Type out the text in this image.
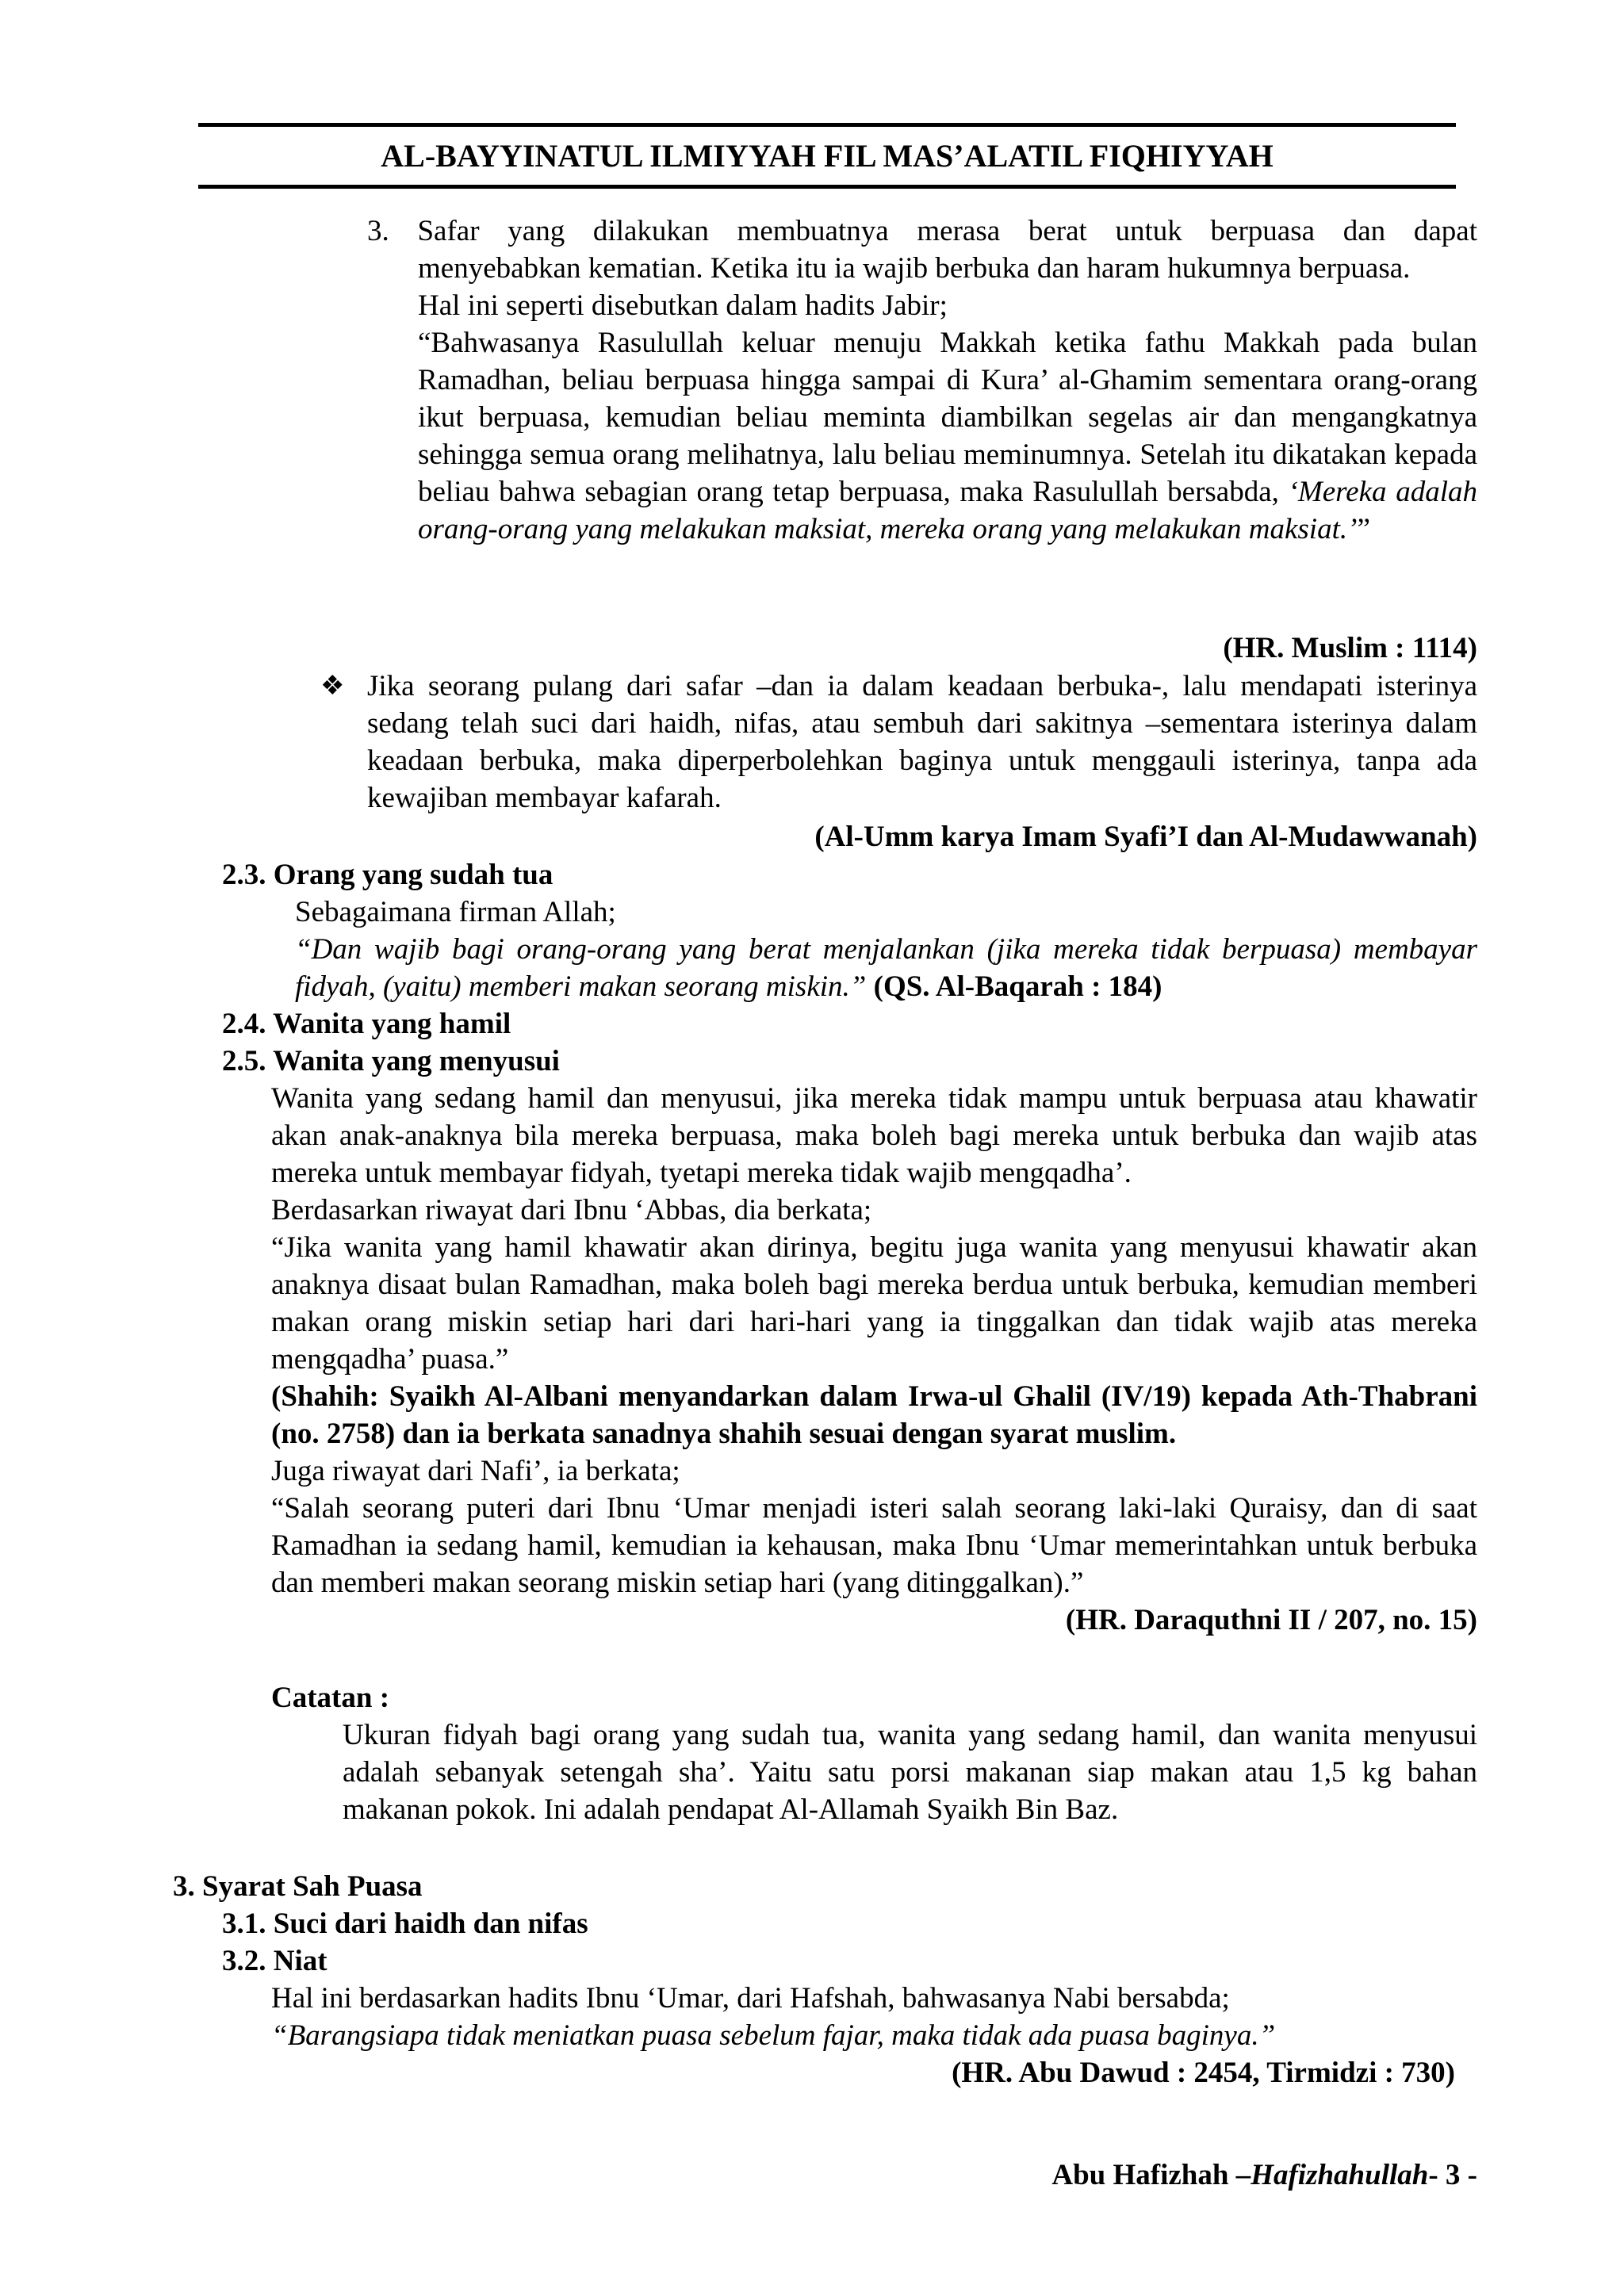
AL-BAYYINATUL ILMIYYAH FIL MAS’ALATIL FIQHIYYAH

3. Safar yang dilakukan membuatnya merasa berat untuk berpuasa dan dapat

menyebabkan kematian. Ketika itu ia wajib berbuka dan haram hukumnya berpuasa.

Hal ini seperti disebutkan dalam hadits Jabir;

“Bahwasanya Rasulullah keluar menuju Makkah ketika fathu Makkah pada bulan Ramadhan, beliau berpuasa hingga sampai di Kura’ al-Ghamim sementara orang-orang ikut berpuasa, kemudian beliau meminta diambilkan segelas air dan mengangkatnya sehingga semua orang melihatnya, lalu beliau meminumnya. Setelah itu dikatakan kepada beliau bahwa sebagian orang tetap berpuasa, maka Rasulullah bersabda, ‘Mereka adalah orang-orang yang melakukan maksiat, mereka orang yang melakukan maksiat.’”

(HR. Muslim : 1114)
❖ Jika seorang pulang dari safar –dan ia dalam keadaan berbuka-, lalu mendapati isterinya sedang telah suci dari haidh, nifas, atau sembuh dari sakitnya –sementara isterinya dalam keadaan berbuka, maka diperperbolehkan baginya untuk menggauli isterinya, tanpa ada kewajiban membayar kafarah.
(Al-Umm karya Imam Syafi’I dan Al-Mudawwanah)
2.3. Orang yang sudah tua
Sebagaimana firman Allah;
“Dan wajib bagi orang-orang yang berat menjalankan (jika mereka tidak berpuasa) membayar fidyah, (yaitu) memberi makan seorang miskin.” (QS. Al-Baqarah : 184)
2.4. Wanita yang hamil
2.5. Wanita yang menyusui

Wanita yang sedang hamil dan menyusui, jika mereka tidak mampu untuk berpuasa atau khawatir akan anak-anaknya bila mereka berpuasa, maka boleh bagi mereka untuk berbuka dan wajib atas mereka untuk membayar fidyah, tyetapi mereka tidak wajib mengqadha’.

Berdasarkan riwayat dari Ibnu ‘Abbas, dia berkata;

“Jika wanita yang hamil khawatir akan dirinya, begitu juga wanita yang menyusui khawatir akan anaknya disaat bulan Ramadhan, maka boleh bagi mereka berdua untuk berbuka, kemudian memberi makan orang miskin setiap hari dari hari-hari yang ia tinggalkan dan tidak wajib atas mereka mengqadha’ puasa.”

(Shahih: Syaikh Al-Albani menyandarkan dalam Irwa-ul Ghalil (IV/19) kepada Ath-Thabrani (no. 2758) dan ia berkata sanadnya shahih sesuai dengan syarat muslim.

Juga riwayat dari Nafi’, ia berkata;

“Salah seorang puteri dari Ibnu ‘Umar menjadi isteri salah seorang laki-laki Quraisy, dan di saat Ramadhan ia sedang hamil, kemudian ia kehausan, maka Ibnu ‘Umar memerintahkan untuk berbuka dan memberi makan seorang miskin setiap hari (yang ditinggalkan).”

(HR. Daraquthni II / 207, no. 15)
Catatan :
Ukuran fidyah bagi orang yang sudah tua, wanita yang sedang hamil, dan wanita menyusui adalah sebanyak setengah sha’. Yaitu satu porsi makanan siap makan atau 1,5 kg bahan makanan pokok. Ini adalah pendapat Al-Allamah Syaikh Bin Baz.
3. Syarat Sah Puasa
3.1. Suci dari haidh dan nifas
3.2. Niat
Hal ini berdasarkan hadits Ibnu ‘Umar, dari Hafshah, bahwasanya Nabi bersabda;
“Barangsiapa tidak meniatkan puasa sebelum fajar, maka tidak ada puasa baginya.”
(HR. Abu Dawud : 2454, Tirmidzi : 730)
Abu Hafizhah –Hafizhahullah- 3 -
